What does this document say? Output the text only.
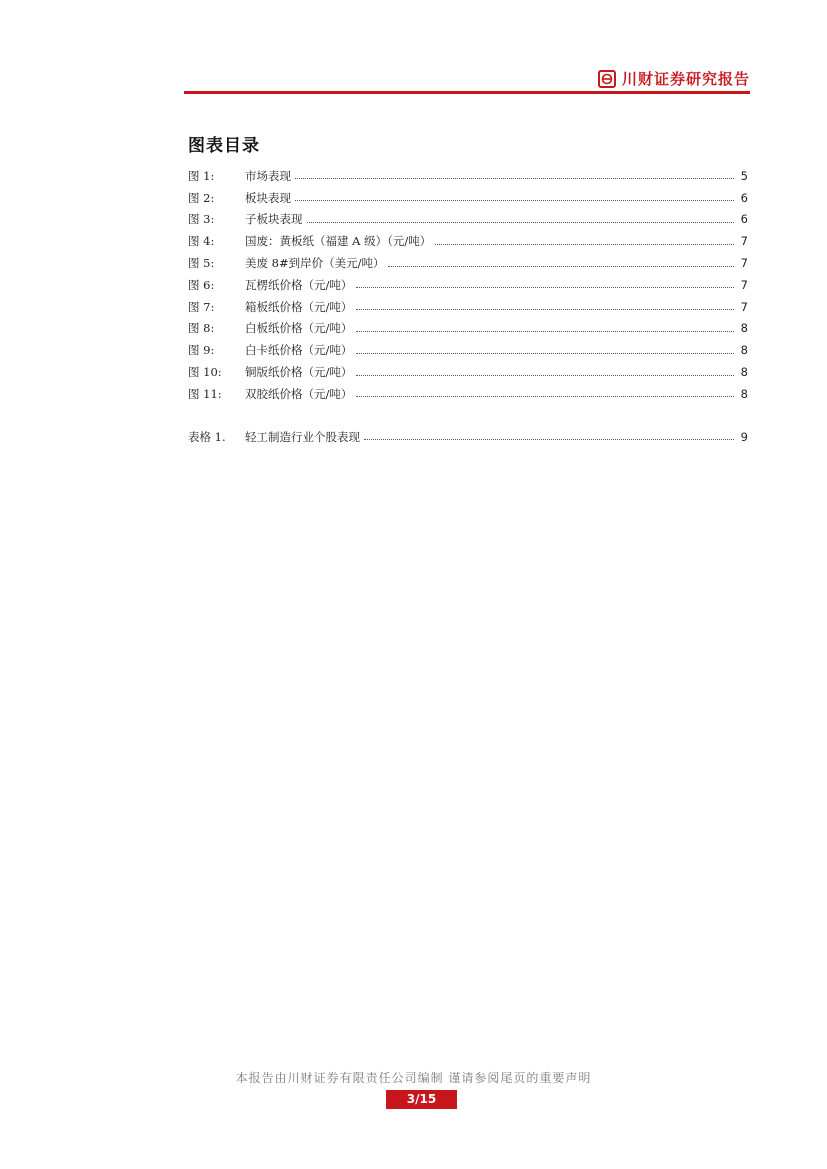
川财证券研究报告
图表目录
图 1:	市场表现	5
图 2:	板块表现	6
图 3:	子板块表现	6
图 4:	国废：黄板纸（福建 A 级）（元/吨）	7
图 5:	美废 8#到岸价（美元/吨）	7
图 6:	瓦楞纸价格（元/吨）	7
图 7:	箱板纸价格（元/吨）	7
图 8:	白板纸价格（元/吨）	8
图 9:	白卡纸价格（元/吨）	8
图 10:	铜版纸价格（元/吨）	8
图 11:	双胶纸价格（元/吨）	8
表格 1.	轻工制造行业个股表现	9
本报告由川财证券有限责任公司编制 谨请参阅尾页的重要声明
3/15
